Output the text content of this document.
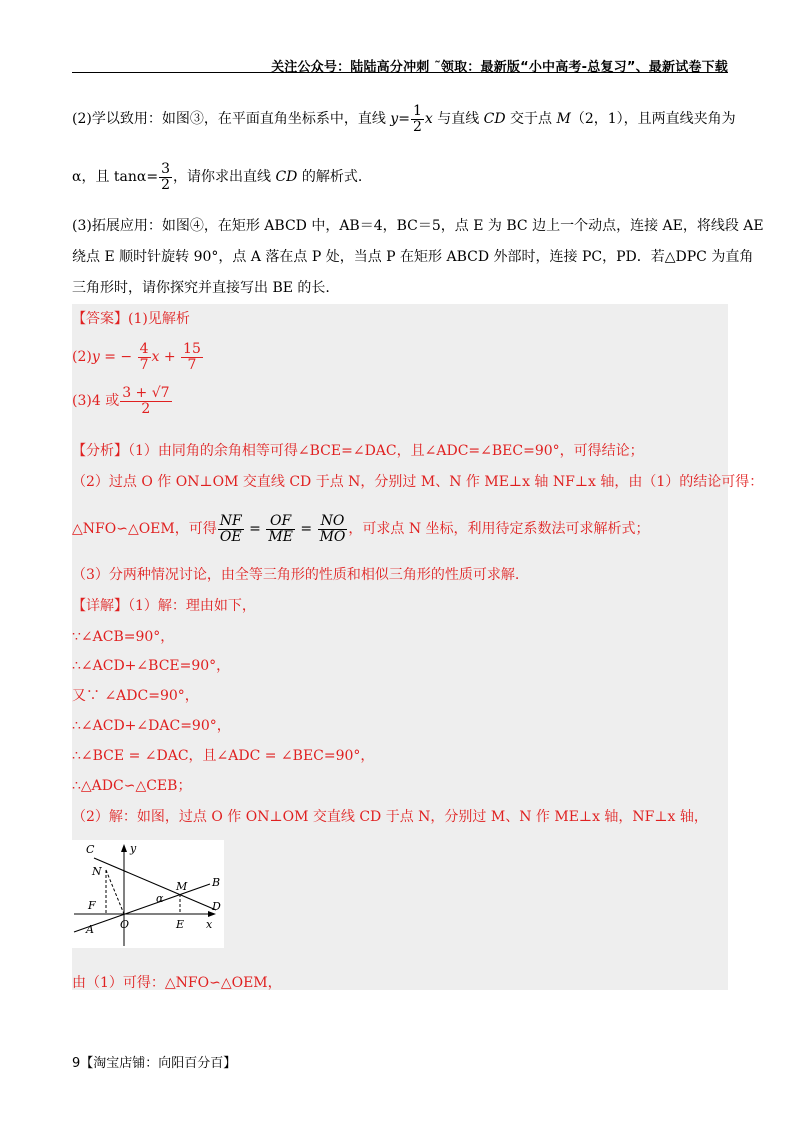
关注公众号：陆陆高分冲刺 ˜领取：最新版“小中高考-总复习”、最新试卷下载
(2)学以致用：如图③，在平面直角坐标系中，直线 $y= \frac{1}{2}$ x 与直线 CD 交于点 M（2，1），且两直线夹角为
α，且 $\tan\alpha= \frac{3}{2}$ ，请你求出直线 CD 的解析式.
(3)拓展应用：如图④，在矩形 ABCD 中，AB＝4，BC＝5，点 E 为 BC 边上一个动点，连接 AE，将线段 AE
绕点 E 顺时针旋转 90°，点 A 落在点 P 处，当点 P 在矩形 ABCD 外部时，连接 PC，PD．若△DPC 为直角
三角形时，请你探究并直接写出 BE 的长.
【答案】(1)见解析
(2)y = − $\frac{4}{7}$ $x + \frac{15}{7}$
(3)4 或 $\frac{3 + √7}{2}$
【分析】（1）由同角的余角相等可得∠BCE=∠DAC，且∠ADC=∠BEC=90°，可得结论；
（2）过点 O 作 ON⊥OM 交直线 CD 于点 N，分别过 M、N 作 ME⊥x 轴 NF⊥x 轴，由（1）的结论可得：
△NFO∽△OEM，可得 $\frac{NF}{OE} = \frac{OF}{ME} = \frac{NO}{MO}$ ，可求点 N 坐标，利用待定系数法可求解析式；
（3）分两种情况讨论，由全等三角形的性质和相似三角形的性质可求解.
【详解】（1）解：理由如下，
∵∠ACB=90°，
∴∠ACD+∠BCE=90°，
又∵ ∠ADC=90°，
∴∠ACD+∠DAC=90°，
∴∠BCE = ∠DAC，且∠ADC = ∠BEC=90°，
∴△ADC∽△CEB；
（2）解：如图，过点 O 作 ON⊥OM 交直线 CD 于点 N，分别过 M、N 作 ME⊥x 轴，NF⊥x 轴，
C
N
F
A O	E
M B
D
x
y
α
由（1）可得：△NFO∽△OEM，
9【淘宝店铺：向阳百分百】
